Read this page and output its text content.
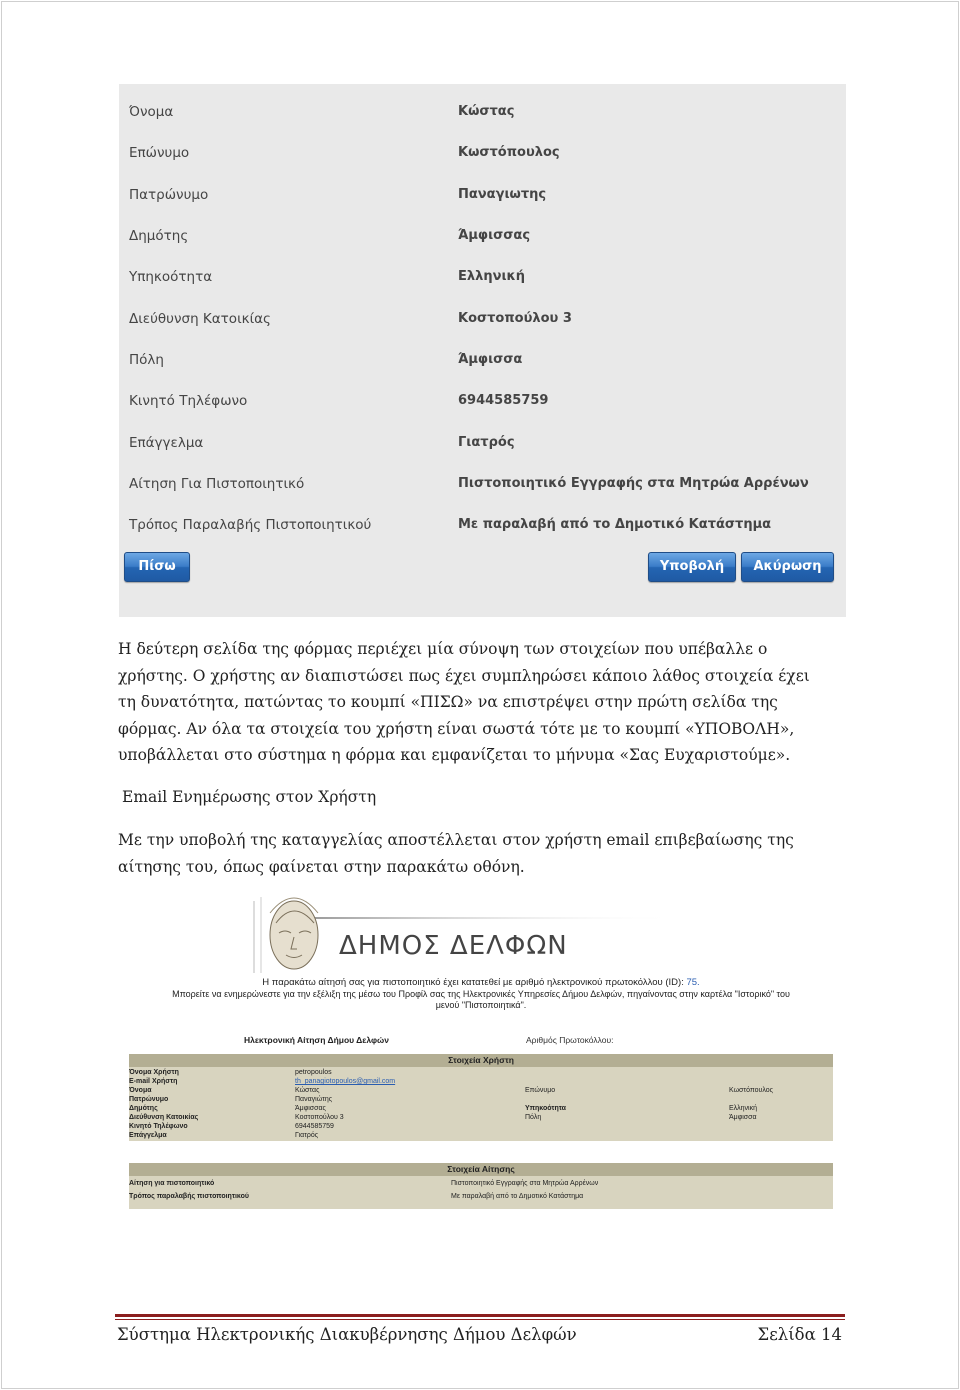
Όνομα	Κώστας
Επώνυμο	Κωστόπουλος
Πατρώνυμο	Παναγιωτης
Δημότης	Άμφισσας
Υπηκοότητα	Ελληνική
Διεύθυνση Κατοικίας	Κοστοπούλου 3
Πόλη	Άμφισσα
Κινητό Τηλέφωνο	6944585759
Επάγγελμα	Γιατρός
Αίτηση Για Πιστοποιητικό	Πιστοποιητικό Εγγραφής στα Μητρώα Αρρένων
Τρόπος Παραλαβής Πιστοποιητικού	Με παραλαβή από το Δημοτικό Κατάστημα
Πίσω	Υποβολή	Ακύρωση

Η δεύτερη σελίδα της φόρμας περιέχει μία σύνοψη των στοιχείων που υπέβαλλε ο
χρήστης. Ο χρήστης αν διαπιστώσει πως έχει συμπληρώσει κάποιο λάθος στοιχεία έχει
τη δυνατότητα, πατώντας το κουμπί «ΠΙΣΩ» να επιστρέψει στην πρώτη σελίδα της
φόρμας. Αν όλα τα στοιχεία του χρήστη είναι σωστά τότε με το κουμπί «ΥΠΟΒΟΛΗ»,
υποβάλλεται στο σύστημα η φόρμα και εμφανίζεται το μήνυμα «Σας Ευχαριστούμε».

Email Ενημέρωσης στον Χρήστη

Με την υποβολή της καταγγελίας αποστέλλεται στον χρήστη email επιβεβαίωσης της
αίτησης του, όπως φαίνεται στην παρακάτω οθόνη.

ΔΗΜΟΣ ΔΕΛΦΩΝ
Η παρακάτω αίτησή σας για πιστοποιητικό έχει κατατεθεί με αριθμό ηλεκτρονικού πρωτοκόλλου (ID): 75.
Μπορείτε να ενημερώνεστε για την εξέλιξη της μέσω του Προφίλ σας της Ηλεκτρονικές Υπηρεσίες Δήμου Δελφών, πηγαίνοντας στην καρτέλα "Ιστορικό" του
μενού "Πιστοποιητικά".
Ηλεκτρονική Αίτηση Δήμου Δελφών	Αριθμός Πρωτοκόλλου:
Στοιχεία Χρήστη
Όνομα Χρήστη	petropoulos
E-mail Χρήστη	th_panagiotopoulos@gmail.com
Όνομα	Κώστας	Επώνυμο	Κωστόπουλος
Πατρώνυμο	Παναγιώτης
Δημότης	Άμφισσας	Υπηκοότητα	Ελληνική
Διεύθυνση Κατοικίας	Κοστοπούλου 3	Πόλη	Άμφισσα
Κινητό Τηλέφωνο	6944585759
Επάγγελμα	Γιατρός
Στοιχεία Αίτησης
Αίτηση για πιστοποιητικό	Πιστοποιητικό Εγγραφής στα Μητρώα Αρρένων
Τρόπος παραλαβής πιστοποιητικού	Με παραλαβή από το Δημοτικό Κατάστημα
Σύστημα Ηλεκτρονικής Διακυβέρνησης Δήμου Δελφών	Σελίδα 14
